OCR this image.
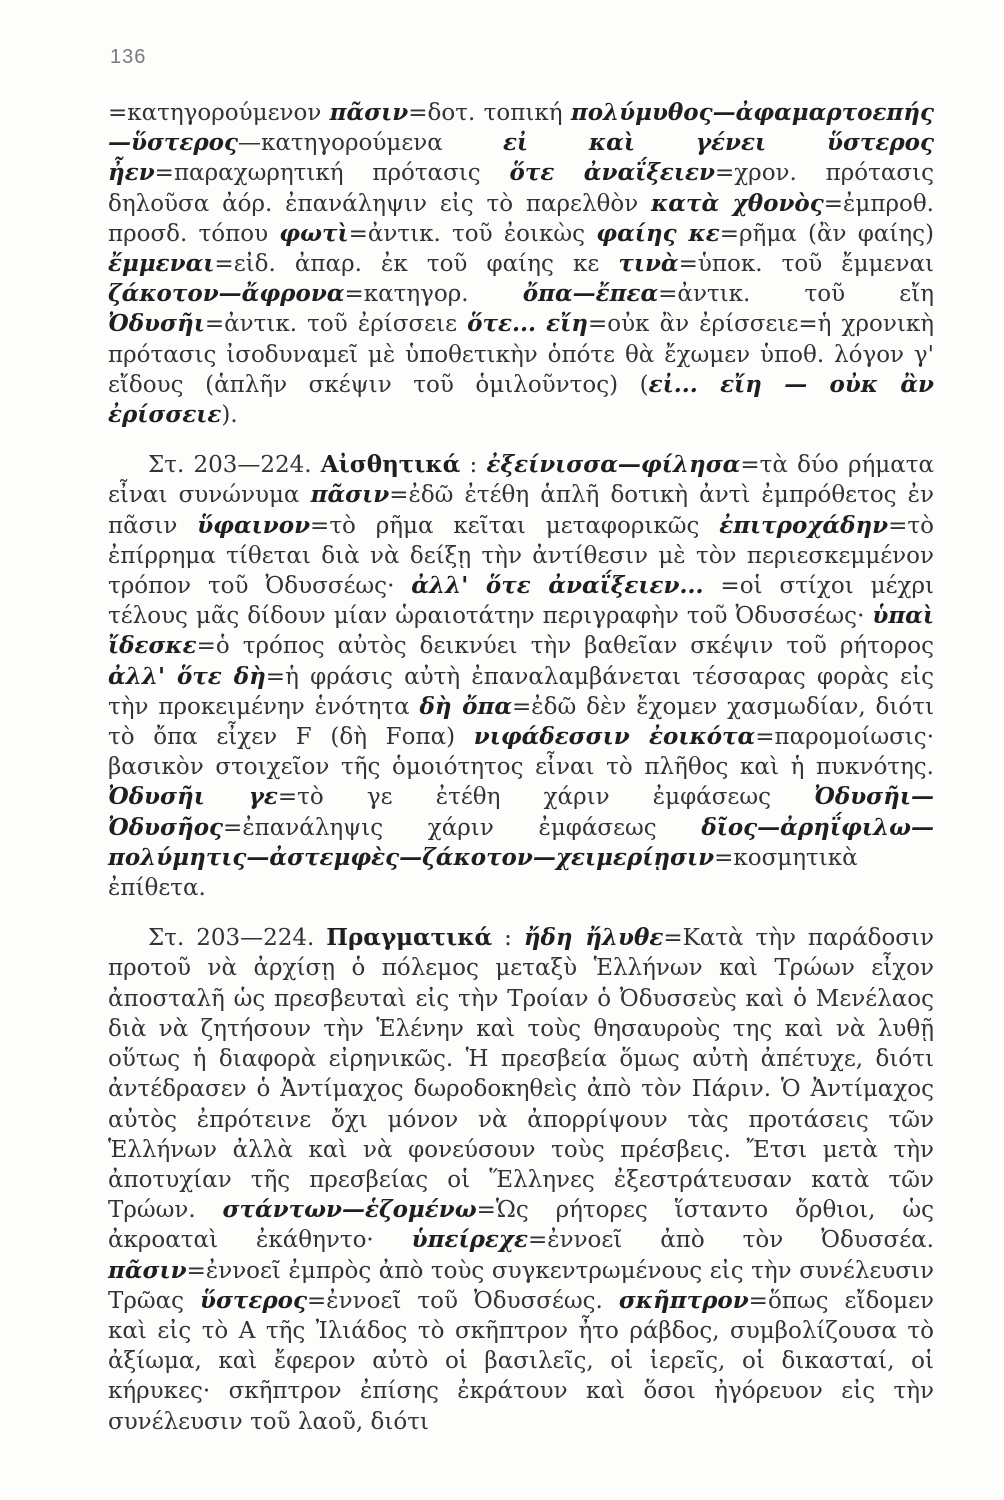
136

=κατηγορούμενον πᾶσιν=δοτ. τοπική πολύμυθος—ἀφαμαρτοεπής—ὕστερος—κατηγορούμενα εἰ καὶ γένει ὕστερος ἦεν=παραχωρητική πρότασις ὅτε ἀναΐξειεν=χρον. πρότασις δηλοῦσα ἀόρ. ἐπανάληψιν εἰς τὸ παρελθὸν κατὰ χθονὸς=ἐμπροθ. προσδ. τόπου φωτὶ=ἀντικ. τοῦ ἐοικὼς φαίης κε=ρῆμα (ἂν φαίης) ἔμμεναι=εἰδ. ἀπαρ. ἐκ τοῦ φαίης κε τινὰ=ὑποκ. τοῦ ἔμμεναι ζάκοτον—ἄφρονα=κατηγορ. ὄπα—ἔπεα=ἀντικ. τοῦ εἴη Ὀδυσῆι=ἀντικ. τοῦ ἐρίσσειε ὅτε... εἴη=οὐκ ἂν ἐρίσσειε=ἡ χρονικὴ πρότασις ἰσοδυναμεῖ μὲ ὑποθετικὴν ὁπότε θὰ ἔχωμεν ὑποθ. λόγον γ' εἴδους (ἁπλῆν σκέψιν τοῦ ὁμιλοῦντος) (εἰ... εἴη — οὐκ ἂν ἐρίσσειε).

Στ. 203—224. Αἰσθητικά : ἐξείνισσα—φίλησα=τὰ δύο ρήματα εἶναι συνώνυμα πᾶσιν=ἐδῶ ἐτέθη ἁπλῆ δοτικὴ ἀντὶ ἐμπρόθετος ἐν πᾶσιν ὕφαινον=τὸ ρῆμα κεῖται μεταφορικῶς ἐπιτροχάδην=τὸ ἐπίρρημα τίθεται διὰ νὰ δείξῃ τὴν ἀντίθεσιν μὲ τὸν περιεσκεμμένον τρόπον τοῦ Ὀδυσσέως· ἀλλ' ὅτε ἀναΐξειεν... =οἱ στίχοι μέχρι τέλους μᾶς δίδουν μίαν ὡραιοτάτην περιγραφὴν τοῦ Ὀδυσσέως· ὑπαὶ ἴδεσκε=ὁ τρόπος αὐτὸς δεικνύει τὴν βαθεῖαν σκέψιν τοῦ ρήτορος ἀλλ' ὅτε δὴ=ἡ φράσις αὐτὴ ἐπαναλαμβάνεται τέσσαρας φορὰς εἰς τὴν προκειμένην ἑνότητα δὴ ὄπα=ἐδῶ δὲν ἔχομεν χασμωδίαν, διότι τὸ ὄπα εἶχεν F (δὴ Fοπα) νιφάδεσσιν ἐοικότα=παρομοίωσις· βασικὸν στοιχεῖον τῆς ὁμοιότητος εἶναι τὸ πλῆθος καὶ ἡ πυκνότης. Ὀδυσῆι γε=τὸ γε ἐτέθη χάριν ἐμφάσεως Ὀδυσῆι—Ὀδυσῆος=ἐπανάληψις χάριν ἐμφάσεως δῖος—ἀρηΐφιλω—πολύμητις—ἀστεμφὲς—ζάκοτον—χειμερίῃσιν=κοσμητικὰ ἐπίθετα.

Στ. 203—224. Πραγματικά : ἤδη ἤλυθε=Κατὰ τὴν παράδοσιν προτοῦ νὰ ἀρχίσῃ ὁ πόλεμος μεταξὺ Ἑλλήνων καὶ Τρώων εἶχον ἀποσταλῆ ὡς πρεσβευταὶ εἰς τὴν Τροίαν ὁ Ὀδυσσεὺς καὶ ὁ Μενέλαος διὰ νὰ ζητήσουν τὴν Ἑλένην καὶ τοὺς θησαυροὺς της καὶ νὰ λυθῇ οὕτως ἡ διαφορὰ εἰρηνικῶς. Ἡ πρεσβεία ὅμως αὐτὴ ἀπέτυχε, διότι ἀντέδρασεν ὁ Ἀντίμαχος δωροδοκηθεὶς ἀπὸ τὸν Πάριν. Ὁ Ἀντίμαχος αὐτὸς ἐπρότεινε ὄχι μόνον νὰ ἀπορρίψουν τὰς προτάσεις τῶν Ἑλλήνων ἀλλὰ καὶ νὰ φονεύσουν τοὺς πρέσβεις. Ἔτσι μετὰ τὴν ἀποτυχίαν τῆς πρεσβείας οἱ Ἕλληνες ἐξεστράτευσαν κατὰ τῶν Τρώων. στάντων—ἑζομένω=Ὡς ρήτορες ἵσταντο ὄρθιοι, ὡς ἀκροαταὶ ἐκάθηντο· ὑπείρεχε=ἐννοεῖ ἀπὸ τὸν Ὀδυσσέα. πᾶσιν=ἐννοεῖ ἐμπρὸς ἀπὸ τοὺς συγκεντρωμένους εἰς τὴν συνέλευσιν Τρῶας ὕστερος=ἐννοεῖ τοῦ Ὀδυσσέως. σκῆπτρον=ὅπως εἴδομεν καὶ εἰς τὸ Α τῆς Ἰλιάδος τὸ σκῆπτρον ἦτο ράβδος, συμβολίζουσα τὸ ἀξίωμα, καὶ ἔφερον αὐτὸ οἱ βασιλεῖς, οἱ ἱερεῖς, οἱ δικασταί, οἱ κήρυκες· σκῆπτρον ἐπίσης ἐκράτουν καὶ ὅσοι ἠγόρευον εἰς τὴν συνέλευσιν τοῦ λαοῦ, διότι
